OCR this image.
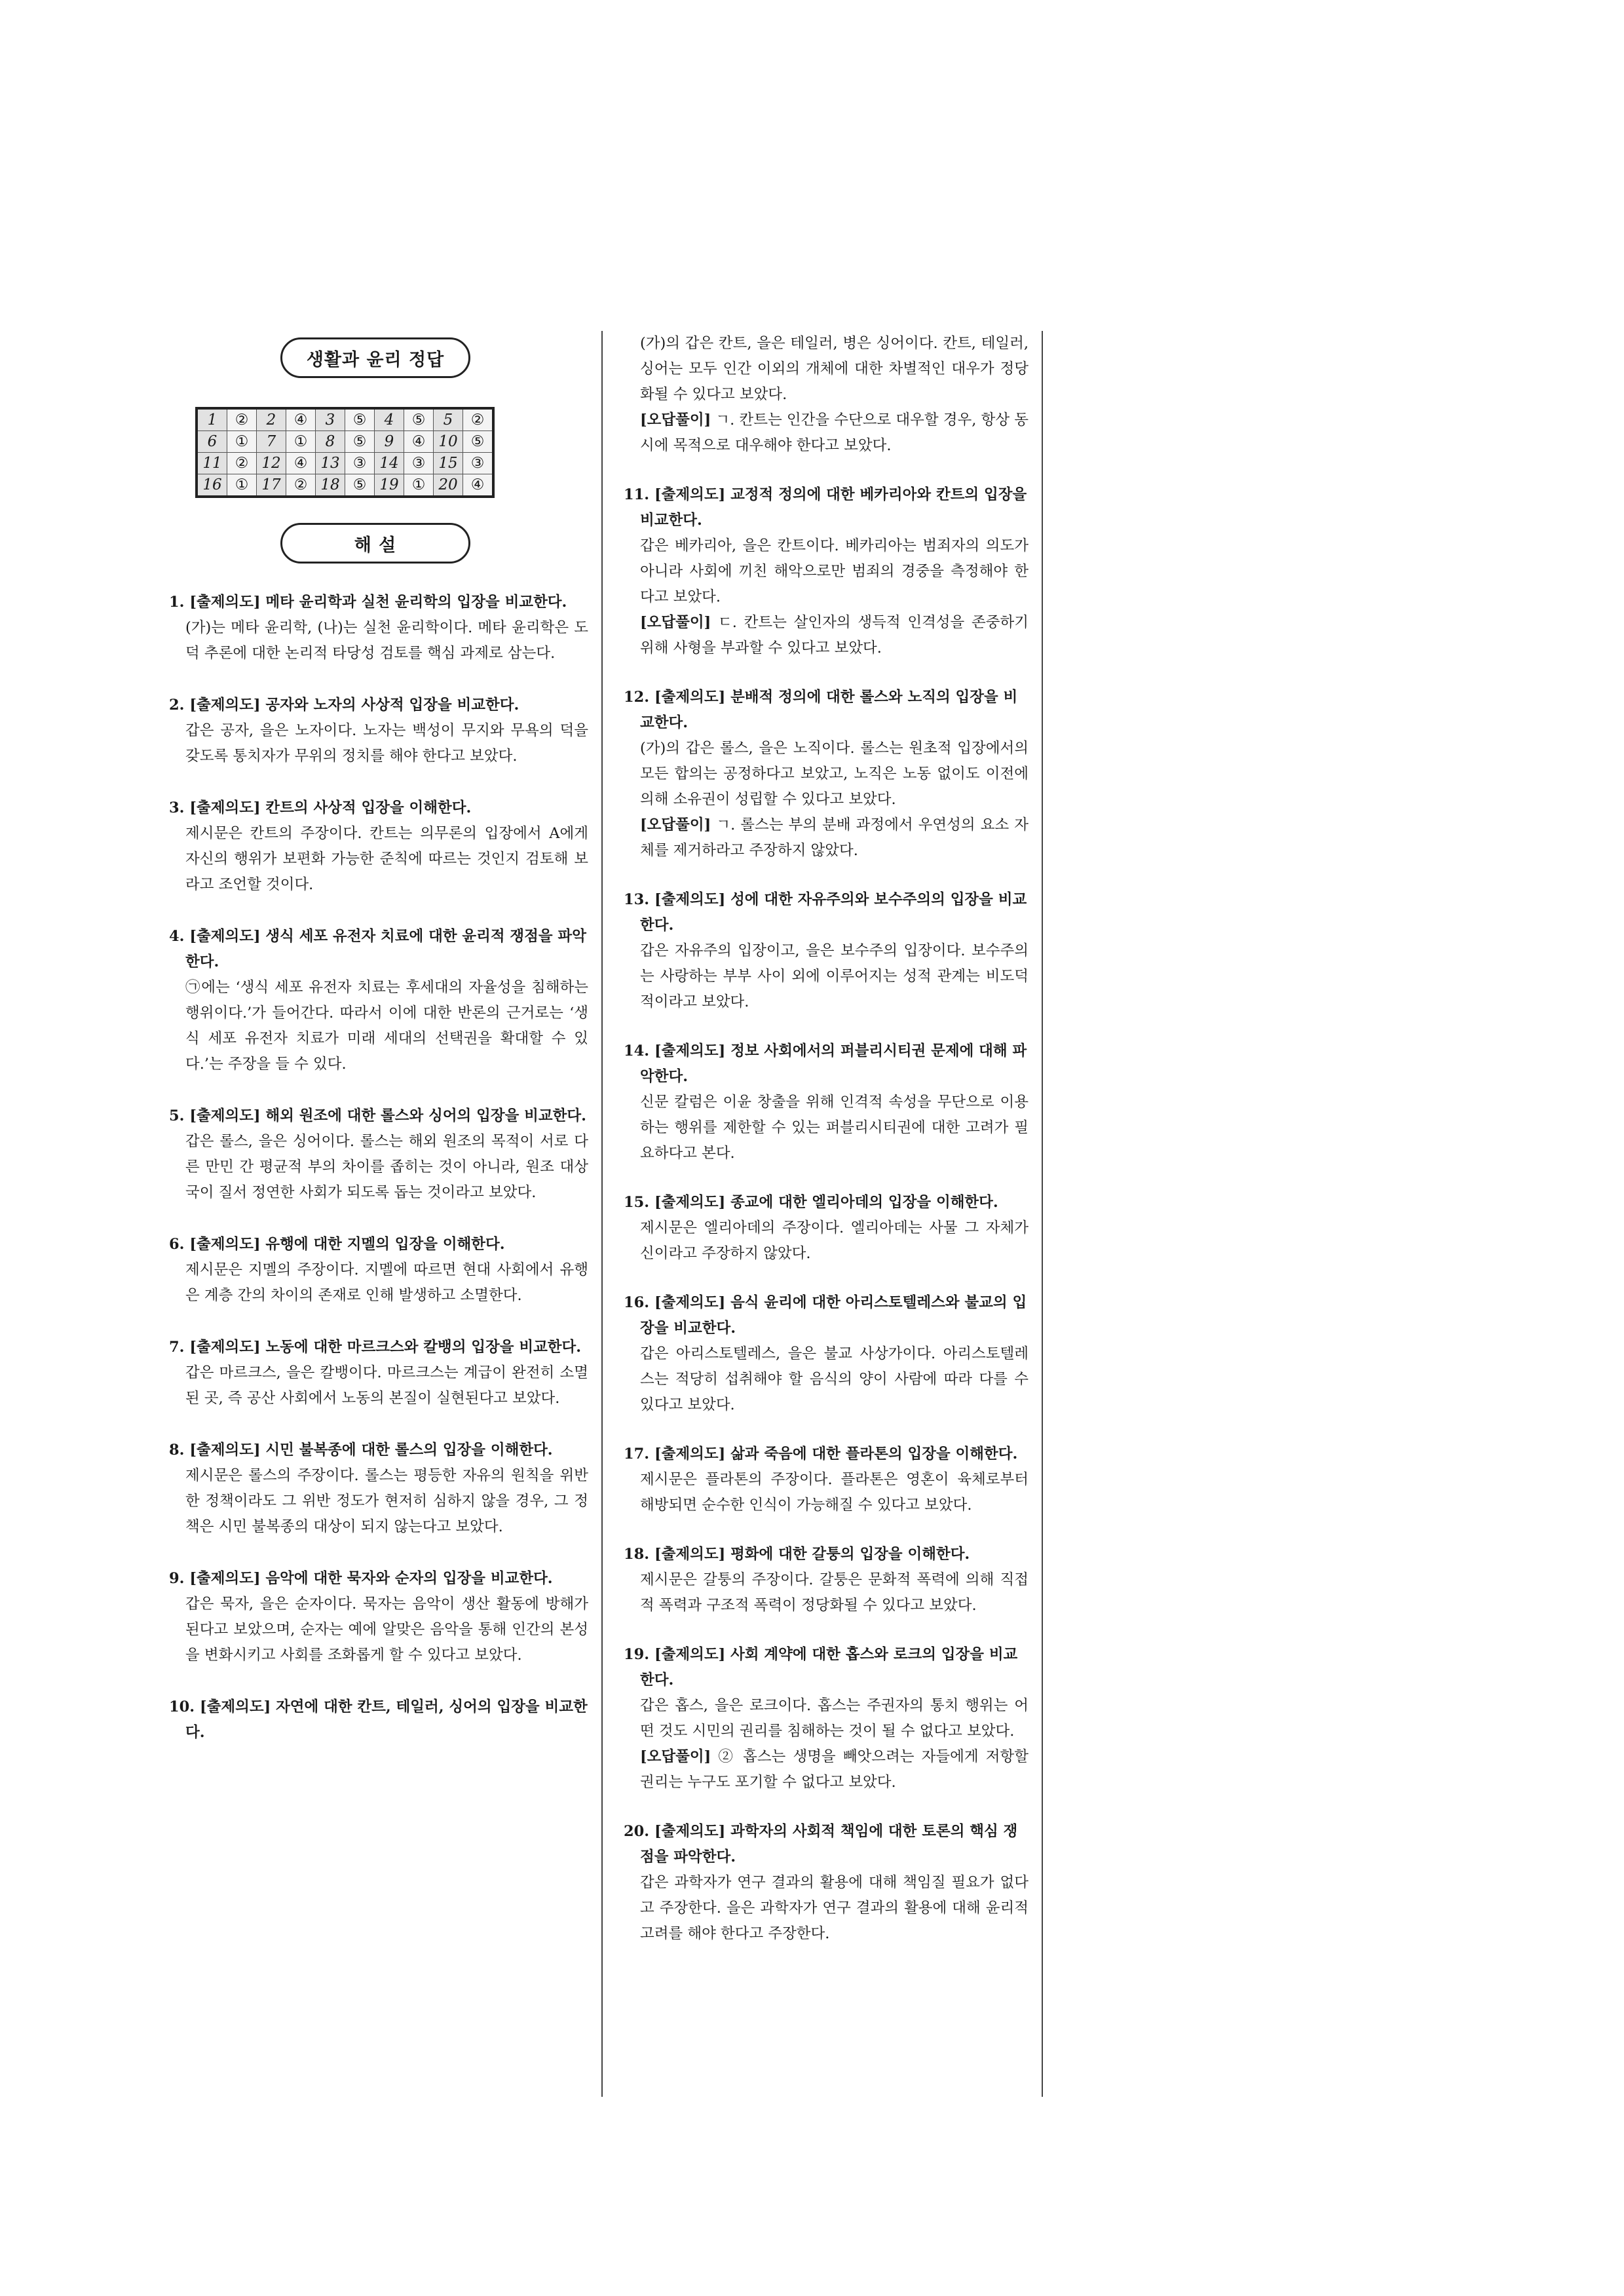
생활과 윤리 정답
1	②	2	④	3	⑤	4	⑤	5	②
6	①	7	①	8	⑤	9	④	10	⑤
11	②	12	④	13	③	14	③	15	③
16	①	17	②	18	⑤	19	①	20	④
해 설
1. [출제의도] 메타 윤리학과 실천 윤리학의 입장을 비교한다.

(가)는 메타 윤리학, (나)는 실천 윤리학이다. 메타 윤리학은 도덕 추론에 대한 논리적 타당성 검토를 핵심 과제로 삼는다.

2. [출제의도] 공자와 노자의 사상적 입장을 비교한다.

갑은 공자, 을은 노자이다. 노자는 백성이 무지와 무욕의 덕을 갖도록 통치자가 무위의 정치를 해야 한다고 보았다.

3. [출제의도] 칸트의 사상적 입장을 이해한다.

제시문은 칸트의 주장이다. 칸트는 의무론의 입장에서 A에게 자신의 행위가 보편화 가능한 준칙에 따르는 것인지 검토해 보라고 조언할 것이다.

4. [출제의도] 생식 세포 유전자 치료에 대한 윤리적 쟁점을 파악한다.

㉠에는 ‘생식 세포 유전자 치료는 후세대의 자율성을 침해하는 행위이다.’가 들어간다. 따라서 이에 대한 반론의 근거로는 ‘생식 세포 유전자 치료가 미래 세대의 선택권을 확대할 수 있다.’는 주장을 들 수 있다.

5. [출제의도] 해외 원조에 대한 롤스와 싱어의 입장을 비교한다.

갑은 롤스, 을은 싱어이다. 롤스는 해외 원조의 목적이 서로 다른 만민 간 평균적 부의 차이를 좁히는 것이 아니라, 원조 대상국이 질서 정연한 사회가 되도록 돕는 것이라고 보았다.

6. [출제의도] 유행에 대한 지멜의 입장을 이해한다.

제시문은 지멜의 주장이다. 지멜에 따르면 현대 사회에서 유행은 계층 간의 차이의 존재로 인해 발생하고 소멸한다.

7. [출제의도] 노동에 대한 마르크스와 칼뱅의 입장을 비교한다.

갑은 마르크스, 을은 칼뱅이다. 마르크스는 계급이 완전히 소멸된 곳, 즉 공산 사회에서 노동의 본질이 실현된다고 보았다.

8. [출제의도] 시민 불복종에 대한 롤스의 입장을 이해한다.

제시문은 롤스의 주장이다. 롤스는 평등한 자유의 원칙을 위반한 정책이라도 그 위반 정도가 현저히 심하지 않을 경우, 그 정책은 시민 불복종의 대상이 되지 않는다고 보았다.

9. [출제의도] 음악에 대한 묵자와 순자의 입장을 비교한다.

갑은 묵자, 을은 순자이다. 묵자는 음악이 생산 활동에 방해가 된다고 보았으며, 순자는 예에 알맞은 음악을 통해 인간의 본성을 변화시키고 사회를 조화롭게 할 수 있다고 보았다.

10. [출제의도] 자연에 대한 칸트, 테일러, 싱어의 입장을 비교한다.

(가)의 갑은 칸트, 을은 테일러, 병은 싱어이다. 칸트, 테일러, 싱어는 모두 인간 이외의 개체에 대한 차별적인 대우가 정당화될 수 있다고 보았다.

[오답풀이] ㄱ. 칸트는 인간을 수단으로 대우할 경우, 항상 동시에 목적으로 대우해야 한다고 보았다.

11. [출제의도] 교정적 정의에 대한 베카리아와 칸트의 입장을 비교한다.

갑은 베카리아, 을은 칸트이다. 베카리아는 범죄자의 의도가 아니라 사회에 끼친 해악으로만 범죄의 경중을 측정해야 한다고 보았다.

[오답풀이] ㄷ. 칸트는 살인자의 생득적 인격성을 존중하기 위해 사형을 부과할 수 있다고 보았다.

12. [출제의도] 분배적 정의에 대한 롤스와 노직의 입장을 비교한다.

(가)의 갑은 롤스, 을은 노직이다. 롤스는 원초적 입장에서의 모든 합의는 공정하다고 보았고, 노직은 노동 없이도 이전에 의해 소유권이 성립할 수 있다고 보았다.

[오답풀이] ㄱ. 롤스는 부의 분배 과정에서 우연성의 요소 자체를 제거하라고 주장하지 않았다.

13. [출제의도] 성에 대한 자유주의와 보수주의의 입장을 비교한다.

갑은 자유주의 입장이고, 을은 보수주의 입장이다. 보수주의는 사랑하는 부부 사이 외에 이루어지는 성적 관계는 비도덕적이라고 보았다.

14. [출제의도] 정보 사회에서의 퍼블리시티권 문제에 대해 파악한다.

신문 칼럼은 이윤 창출을 위해 인격적 속성을 무단으로 이용하는 행위를 제한할 수 있는 퍼블리시티권에 대한 고려가 필요하다고 본다.

15. [출제의도] 종교에 대한 엘리아데의 입장을 이해한다.

제시문은 엘리아데의 주장이다. 엘리아데는 사물 그 자체가 신이라고 주장하지 않았다.

16. [출제의도] 음식 윤리에 대한 아리스토텔레스와 불교의 입장을 비교한다.

갑은 아리스토텔레스, 을은 불교 사상가이다. 아리스토텔레스는 적당히 섭취해야 할 음식의 양이 사람에 따라 다를 수 있다고 보았다.

17. [출제의도] 삶과 죽음에 대한 플라톤의 입장을 이해한다.

제시문은 플라톤의 주장이다. 플라톤은 영혼이 육체로부터 해방되면 순수한 인식이 가능해질 수 있다고 보았다.

18. [출제의도] 평화에 대한 갈퉁의 입장을 이해한다.

제시문은 갈퉁의 주장이다. 갈퉁은 문화적 폭력에 의해 직접적 폭력과 구조적 폭력이 정당화될 수 있다고 보았다.

19. [출제의도] 사회 계약에 대한 홉스와 로크의 입장을 비교한다.

갑은 홉스, 을은 로크이다. 홉스는 주권자의 통치 행위는 어떤 것도 시민의 권리를 침해하는 것이 될 수 없다고 보았다.

[오답풀이] ② 홉스는 생명을 빼앗으려는 자들에게 저항할 권리는 누구도 포기할 수 없다고 보았다.

20. [출제의도] 과학자의 사회적 책임에 대한 토론의 핵심 쟁점을 파악한다.

갑은 과학자가 연구 결과의 활용에 대해 책임질 필요가 없다고 주장한다. 을은 과학자가 연구 결과의 활용에 대해 윤리적 고려를 해야 한다고 주장한다.
